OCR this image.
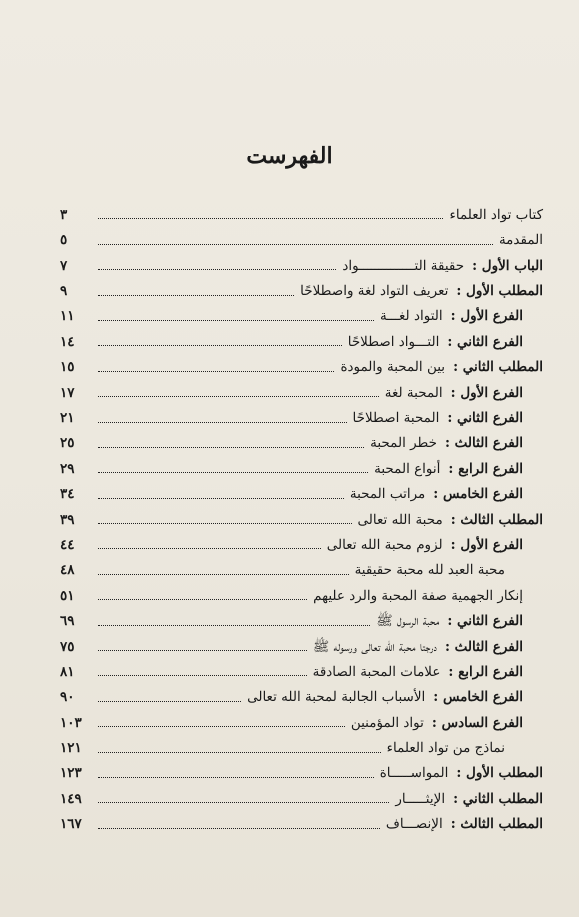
الفهرست
كتاب تواد العلماء
٣
المقدمة
٥
الباب الأول :
حقيقة التــــــــــــــواد
٧
المطلب الأول :
تعريف التواد لغة واصطلاحًا
٩
الفرع الأول :
التواد لغـــة
١١
الفرع الثاني :
التـــواد اصطلاحًا
١٤
المطلب الثاني :
بين المحبة والمودة
١٥
الفرع الأول :
المحبة لغة
١٧
الفرع الثاني :
المحبة اصطلاحًا
٢١
الفرع الثالث :
خطر المحبة
٢٥
الفرع الرابع :
أنواع المحبة
٢٩
الفرع الخامس :
مراتب المحبة
٣٤
المطلب الثالث :
محبة الله تعالى
٣٩
الفرع الأول :
لزوم محبة الله تعالى
٤٤
محبة العبد لله محبة حقيقية
٤٨
إنكار الجهمية صفة المحبة والرد عليهم
٥١
الفرع الثاني :
محبة الرسول ﷺ
٦٩
الفرع الثالث :
درجتا محبة الله تعالى ورسوله ﷺ
٧٥
الفرع الرابع :
علامات المحبة الصادقة
٨١
الفرع الخامس :
الأسباب الجالبة لمحبة الله تعالى
٩٠
الفرع السادس :
تواد المؤمنين
١٠٣
نماذج من تواد العلماء
١٢١
المطلب الأول :
المواســـــاة
١٢٣
المطلب الثاني :
الإيثـــــار
١٤٩
المطلب الثالث :
الإنصـــاف
١٦٧
